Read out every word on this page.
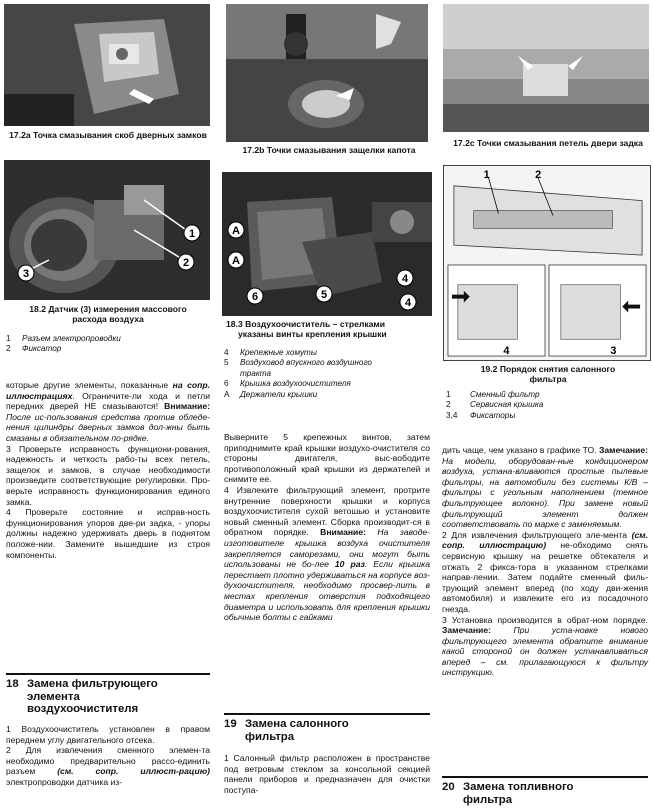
17.2a Точка смазывания скоб дверных замков
17.2b Точки смазывания защелки капота
17.2c Точки смазывания петель двери задка
1
2
3
18.2 Датчик (3) измерения массового
расхода воздуха
1 Разъем электропроводки
2 Фиксатор
A
A
4
5
6	4
18.3 Воздухоочиститель – стрелками
указаны винты крепления крышки
4 Крепежные хомуты
5 Воздуховод впускного воздушного
тракта
6 Крышка воздухоочистителя
A Держатели крышки
1	2
4	3
19.2 Порядок снятия салонного
фильтра
1 Сменный фильтр
2 Сервисная крышка
3,4 Фиксаторы

которые другие элементы, показанные на сопр. иллюстрациях. Ограничите-ли хода и петли передних дверей НЕ смазываются! Внимание: После ис-пользования средства против обледе-нения цилиндры дверных замков дол-жны быть смазаны в обязательном по-рядке.

3 Проверьте исправность функциони-рования, надежность и четкость рабо-ты всех петель, защелок и замков, в случае необходимости произведите соответствующие регулировки. Про-верьте исправность функционирования единого замка.

4 Проверьте состояние и исправ-ность функционирования упоров две-ри задка, - упоры должны надежно удерживать дверь в поднятом положе-нии. Замените вышедшие из строя компоненты.

18 Замена фильтрующего
элемента
воздухоочистителя

1 Воздухоочиститель установлен в правом переднем углу двигательного отсека.

2 Для извлечения сменного элемен-та необходимо предварительно рассо-единить разъем (см. сопр. иллюст-рацию) электропроводки датчика из-

Выверните 5 крепежных винтов, затем приподнимите край крышки воздухо-очистителя со стороны двигателя, выс-вободите противоположный край крышки из держателей и снимите ее.

4 Извлеките фильтрующий элемент, протрите внутренние поверхности крышки и корпуса воздухоочистителя сухой ветошью и установите новый сменный элемент. Сборка производит-ся в обратном порядке. Внимание: На заводе-изготовителе крышка воздуха очистителя закрепляется саморезами, они могут быть использованы не бо-лее 10 раз. Если крышка перестает плотно удерживаться на корпусе воз-духоочистителя, необходимо просвер-лить в местах крепления отверстия подходящего диаметра и использовать для крепления крышки обычные болты с гайками

19 Замена салонного
фильтра

1 Салонный фильтр расположен в пространстве под ветровым стеклом за консольной секцией панели приборов и предназначен для очистки поступа-

дить чаще, чем указано в графике ТО. Замечание: На модели, оборудован-ные кондиционером воздуха, устана-вливаются простые пылевые фильтры, на автомобили без системы К/В – фильтры с угольным наполнением (темное фильтрующее волокно). При замене новый фильтрующий элемент должен соответствовать по марке с заменяемым.

2 Для извлечения фильтрующего эле-мента (см. сопр. иллюстрацию) не-обходимо снять сервисную крышку на решетке обтекателя и отжать 2 фикса-тора в указанном стрелками направ-лении. Затем подайте сменный филь-трующий элемент вперед (по ходу дви-жения автомобиля) и извлеките его из посадочного гнезда.

3 Установка производится в обрат-ном порядке. Замечание: При уста-новке нового фильтрующего элемента обратите внимание какой стороной он должен устанавливаться вперед – см. прилагающуюся к фильтру инструкцию.

20 Замена топливного
фильтра
